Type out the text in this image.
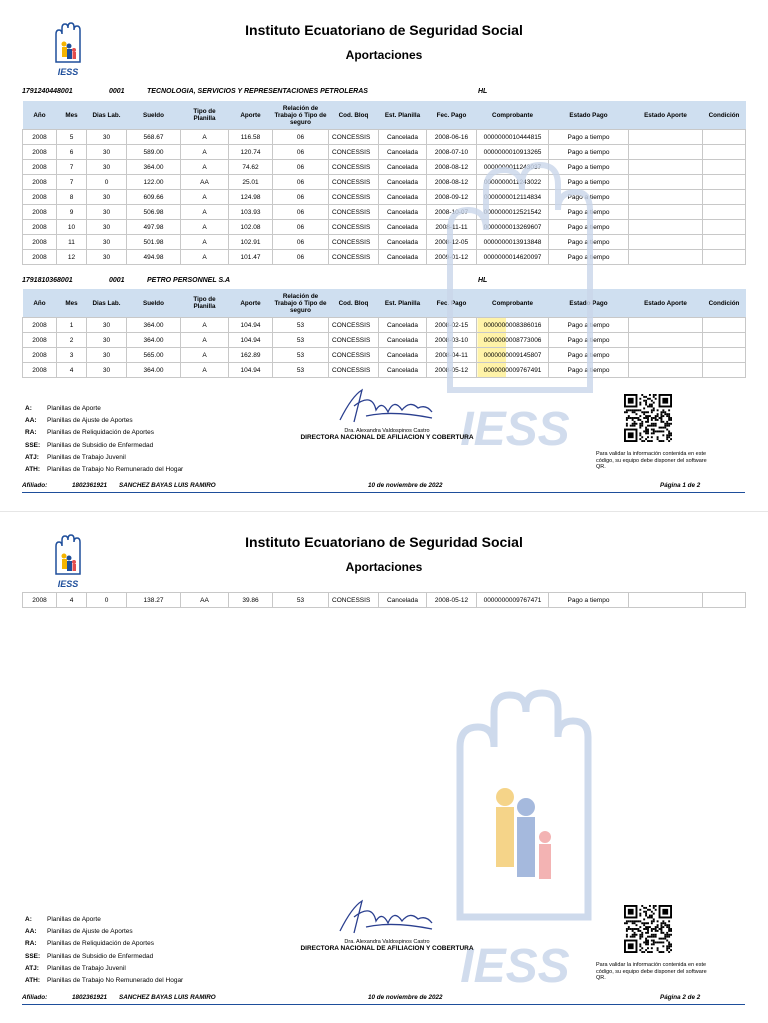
IESS
Instituto Ecuatoriano de Seguridad Social
Aportaciones
1791240448001	0001	TECNOLOGIA, SERVICIOS Y REPRESENTACIONES PETROLERAS	HL
Año	Mes	Dias Lab.	Sueldo	Tipo de Planilla	Aporte	Relación de Trabajo ó Tipo de seguro	Cod. Bloq	Est. Planilla	Fec. Pago	Comprobante	Estado Pago	Estado Aporte	Condición
2008	5	30	568.67	A	116.58	06	CONCESSIS	Cancelada	2008-06-16	0000000010444815	Pago a tiempo		
2008	6	30	589.00	A	120.74	06	CONCESSIS	Cancelada	2008-07-10	0000000010913265	Pago a tiempo		
2008	7	30	364.00	A	74.62	06	CONCESSIS	Cancelada	2008-08-12	0000000011243037	Pago a tiempo		
2008	7	0	122.00	AA	25.01	06	CONCESSIS	Cancelada	2008-08-12	0000000011243022	Pago a tiempo		
2008	8	30	609.66	A	124.98	06	CONCESSIS	Cancelada	2008-09-12	0000000012114834	Pago a tiempo		
2008	9	30	506.98	A	103.93	06	CONCESSIS	Cancelada	2008-10-07	0000000012521542	Pago a tiempo		
2008	10	30	497.98	A	102.08	06	CONCESSIS	Cancelada	2008-11-11	0000000013269607	Pago a tiempo		
2008	11	30	501.98	A	102.91	06	CONCESSIS	Cancelada	2008-12-05	0000000013913848	Pago a tiempo		
2008	12	30	494.98	A	101.47	06	CONCESSIS	Cancelada	2009-01-12	0000000014620097	Pago a tiempo		
1791810368001	0001	PETRO PERSONNEL S.A	HL
Año	Mes	Dias Lab.	Sueldo	Tipo de Planilla	Aporte	Relación de Trabajo ó Tipo de seguro	Cod. Bloq	Est. Planilla	Fec. Pago	Comprobante	Estado Pago	Estado Aporte	Condición
2008	1	30	364.00	A	104.94	53	CONCESSIS	Cancelada	2008-02-15	0000000008386016	Pago a tiempo		
2008	2	30	364.00	A	104.94	53	CONCESSIS	Cancelada	2008-03-10	0000000008773006	Pago a tiempo		
2008	3	30	565.00	A	162.89	53	CONCESSIS	Cancelada	2008-04-11	0000000009145807	Pago a tiempo		
2008	4	30	364.00	A	104.94	53	CONCESSIS	Cancelada	2008-05-12	0000000009767491	Pago a tiempo		
IESS
A: Planillas de Aporte
AA: Planillas de Ajuste de Aportes
RA: Planillas de Reliquidación de Aportes
SSE: Planillas de Subsidio de Enfermedad
ATJ: Planillas de Trabajo Juvenil
ATH: Planillas de Trabajo No Remunerado del Hogar
Dra. Alexandra Valdospinos Castro
DIRECTORA NACIONAL DE AFILIACION Y COBERTURA
Para validar la información contenida en este código, su equipo debe disponer del software QR.
Afiliado:	1802361921 SANCHEZ BAYAS LUIS RAMIRO	10 de noviembre de 2022	Página 1 de 2
IESS
Instituto Ecuatoriano de Seguridad Social
Aportaciones
2008	4	0	138.27	AA	39.86	53	CONCESSIS	Cancelada	2008-05-12	0000000009767471	Pago a tiempo		
IESS
A: Planillas de Aporte
AA: Planillas de Ajuste de Aportes
RA: Planillas de Reliquidación de Aportes
SSE: Planillas de Subsidio de Enfermedad
ATJ: Planillas de Trabajo Juvenil
ATH: Planillas de Trabajo No Remunerado del Hogar
Dra. Alexandra Valdospinos Castro
DIRECTORA NACIONAL DE AFILIACION Y COBERTURA
Para validar la información contenida en este código, su equipo debe disponer del software QR.
Afiliado:	1802361921 SANCHEZ BAYAS LUIS RAMIRO	10 de noviembre de 2022	Página 2 de 2
